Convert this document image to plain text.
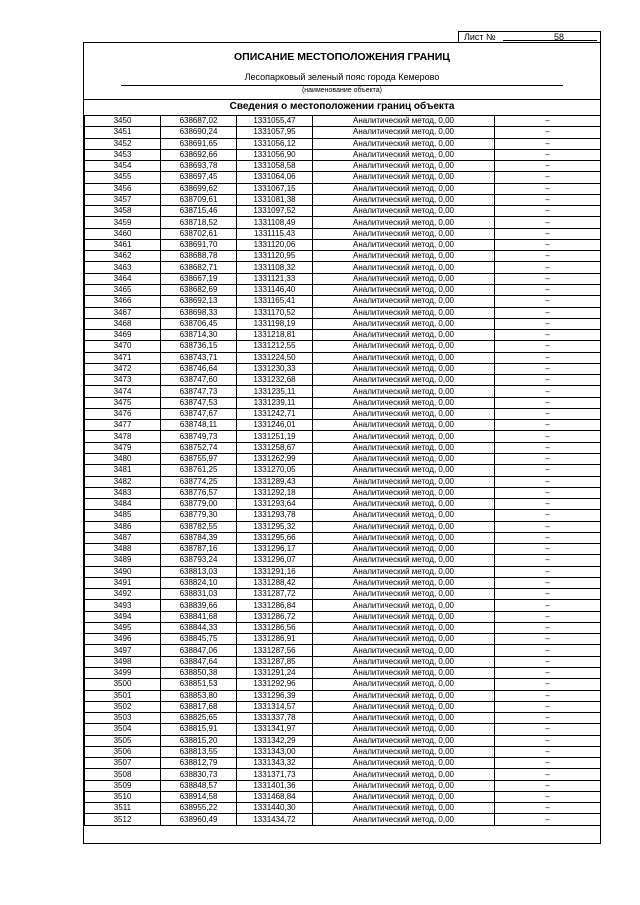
Лист №	58
ОПИСАНИЕ МЕСТОПОЛОЖЕНИЯ ГРАНИЦ
Лесопарковый зеленый пояс города Кемерово
(наименование объекта)
Сведения о местоположении границ объекта
3450	638687,02	1331055,47	Аналитический метод, 0,00	–
3451	638690,24	1331057,95	Аналитический метод, 0,00	–
3452	638691,65	1331056,12	Аналитический метод, 0,00	–
3453	638692,66	1331056,90	Аналитический метод, 0,00	–
3454	638693,78	1331058,58	Аналитический метод, 0,00	–
3455	638697,45	1331064,06	Аналитический метод, 0,00	–
3456	638699,62	1331067,15	Аналитический метод, 0,00	–
3457	638709,61	1331081,38	Аналитический метод, 0,00	–
3458	638715,46	1331097,52	Аналитический метод, 0,00	–
3459	638718,52	1331108,49	Аналитический метод, 0,00	–
3460	638702,61	1331115,43	Аналитический метод, 0,00	–
3461	638691,70	1331120,06	Аналитический метод, 0,00	–
3462	638688,78	1331120,95	Аналитический метод, 0,00	–
3463	638682,71	1331108,32	Аналитический метод, 0,00	–
3464	638667,19	1331121,33	Аналитический метод, 0,00	–
3465	638682,69	1331146,40	Аналитический метод, 0,00	–
3466	638692,13	1331165,41	Аналитический метод, 0,00	–
3467	638698,33	1331170,52	Аналитический метод, 0,00	–
3468	638706,45	1331198,19	Аналитический метод, 0,00	–
3469	638714,30	1331218,81	Аналитический метод, 0,00	–
3470	638736,15	1331212,55	Аналитический метод, 0,00	–
3471	638743,71	1331224,50	Аналитический метод, 0,00	–
3472	638746,64	1331230,33	Аналитический метод, 0,00	–
3473	638747,60	1331232,68	Аналитический метод, 0,00	–
3474	638747,73	1331235,11	Аналитический метод, 0,00	–
3475	638747,53	1331239,11	Аналитический метод, 0,00	–
3476	638747,67	1331242,71	Аналитический метод, 0,00	–
3477	638748,11	1331246,01	Аналитический метод, 0,00	–
3478	638749,73	1331251,19	Аналитический метод, 0,00	–
3479	638752,74	1331258,67	Аналитический метод, 0,00	–
3480	638755,97	1331262,99	Аналитический метод, 0,00	–
3481	638761,25	1331270,05	Аналитический метод, 0,00	–
3482	638774,25	1331289,43	Аналитический метод, 0,00	–
3483	638776,57	1331292,18	Аналитический метод, 0,00	–
3484	638779,00	1331293,64	Аналитический метод, 0,00	–
3485	638779,30	1331293,78	Аналитический метод, 0,00	–
3486	638782,55	1331295,32	Аналитический метод, 0,00	–
3487	638784,39	1331295,66	Аналитический метод, 0,00	–
3488	638787,16	1331296,17	Аналитический метод, 0,00	–
3489	638793,24	1331296,07	Аналитический метод, 0,00	–
3490	638813,03	1331291,16	Аналитический метод, 0,00	–
3491	638824,10	1331288,42	Аналитический метод, 0,00	–
3492	638831,03	1331287,72	Аналитический метод, 0,00	–
3493	638839,66	1331286,84	Аналитический метод, 0,00	–
3494	638841,68	1331286,72	Аналитический метод, 0,00	–
3495	638844,33	1331286,56	Аналитический метод, 0,00	–
3496	638845,75	1331286,91	Аналитический метод, 0,00	–
3497	638847,06	1331287,56	Аналитический метод, 0,00	–
3498	638847,64	1331287,85	Аналитический метод, 0,00	–
3499	638850,38	1331291,24	Аналитический метод, 0,00	–
3500	638851,53	1331292,96	Аналитический метод, 0,00	–
3501	638853,80	1331296,39	Аналитический метод, 0,00	–
3502	638817,68	1331314,57	Аналитический метод, 0,00	–
3503	638825,65	1331337,78	Аналитический метод, 0,00	–
3504	638815,91	1331341,97	Аналитический метод, 0,00	–
3505	638815,20	1331342,29	Аналитический метод, 0,00	–
3506	638813,55	1331343,00	Аналитический метод, 0,00	–
3507	638812,79	1331343,32	Аналитический метод, 0,00	–
3508	638830,73	1331371,73	Аналитический метод, 0,00	–
3509	638848,57	1331401,36	Аналитический метод, 0,00	–
3510	638914,58	1331468,84	Аналитический метод, 0,00	–
3511	638955,22	1331440,30	Аналитический метод, 0,00	–
3512	638960,49	1331434,72	Аналитический метод, 0,00	–
